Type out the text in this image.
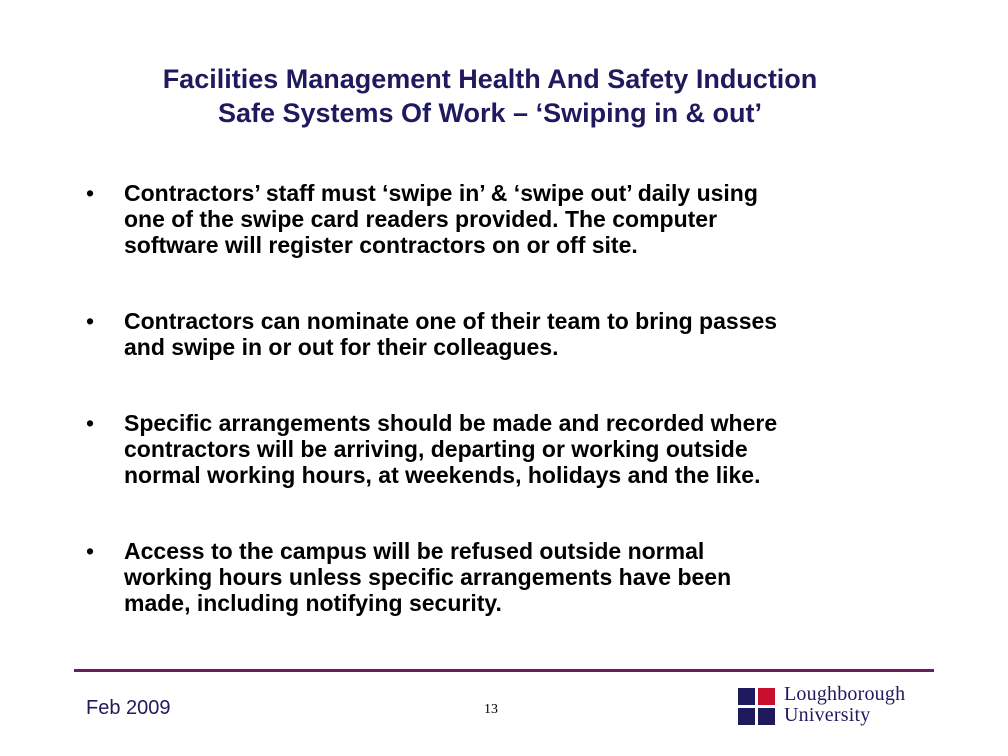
Facilities Management Health And Safety Induction
Safe Systems Of Work – ‘Swiping in & out’
•	Contractors’ staff must ‘swipe in’ & ‘swipe out’ daily using
one of the swipe card readers provided. The computer
software will register contractors on or off site.
•	Contractors can nominate one of their team to bring passes
and swipe in or out for their colleagues.
•	Specific arrangements should be made and recorded where
contractors will be arriving, departing or working outside
normal working hours, at weekends, holidays and the like.
•	Access to the campus will be refused outside normal
working hours unless specific arrangements have been
made, including notifying security.
Feb 2009	13
Loughborough
University
